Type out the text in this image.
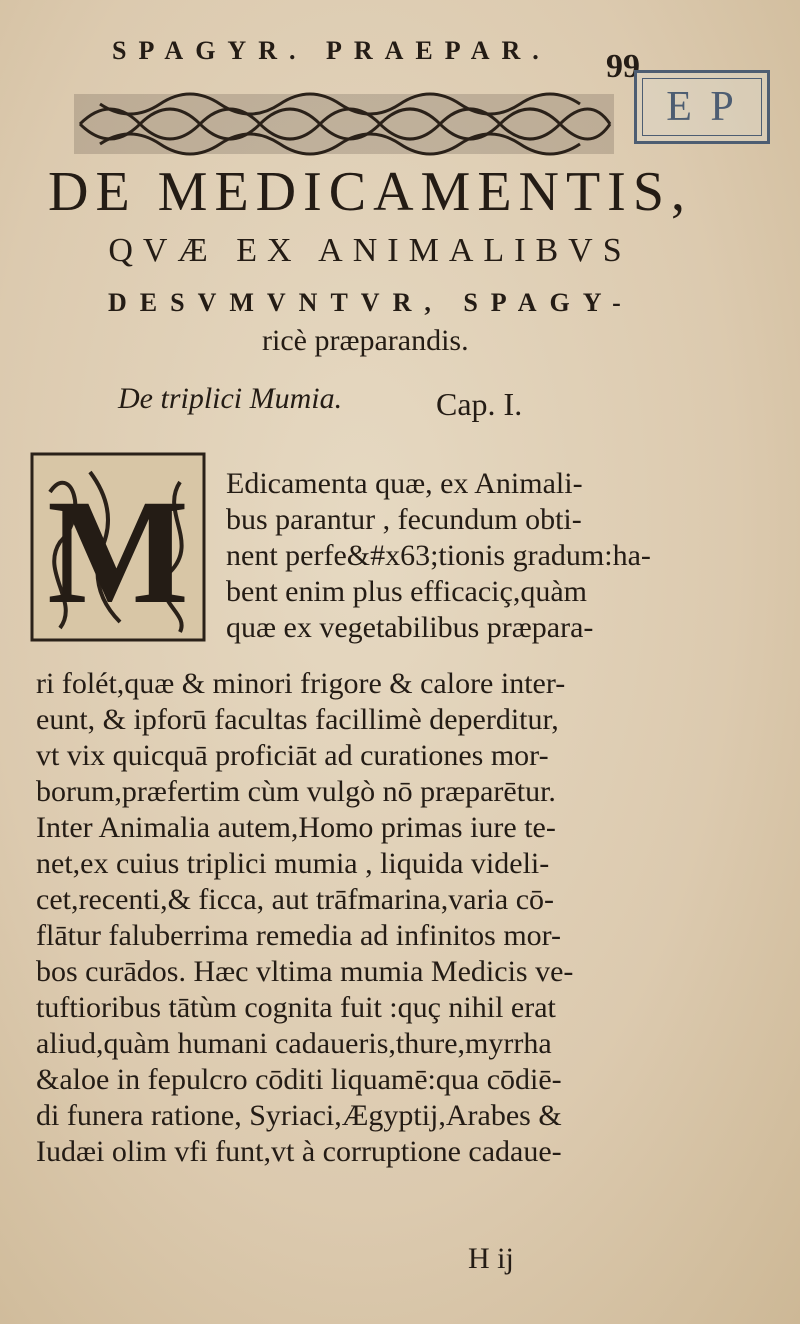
SPAGYR. PRAEPAR. 99
E P
DE MEDICAMENTIS,
QVÆ EX ANIMALIBVS
DESVMVNTVR, SPAGY-
ricè præparandis.
De triplici Mumia.	Cap. I.
M Edicamenta quæ, ex Animali-
bus parantur , fecundum obti-
nent perfe&#x63;tionis gradum:ha-
bent enim plus efficaciç,quàm
quæ ex vegetabilibus præpara-
ri folét,quæ & minori frigore & calore inter-
eunt, & ipforū facultas facillimè deperditur,
vt vix quicquā proficiāt ad curationes mor-
borum,præfertim cùm vulgò nō præparētur.
Inter Animalia autem,Homo primas iure te-
net,ex cuius triplici mumia , liquida videli-
cet,recenti,& ficca, aut trāfmarina,varia cō-
flātur faluberrima remedia ad infinitos mor-
bos curādos. Hæc vltima mumia Medicis ve-
tuftioribus tātùm cognita fuit :quç nihil erat
aliud,quàm humani cadaueris,thure,myrrha
&aloe in fepulcro cōditi liquamē:qua cōdiē-
di funera ratione, Syriaci,Ægyptij,Arabes &
Iudæi olim vfi funt,vt à corruptione cadaue-
H ij
